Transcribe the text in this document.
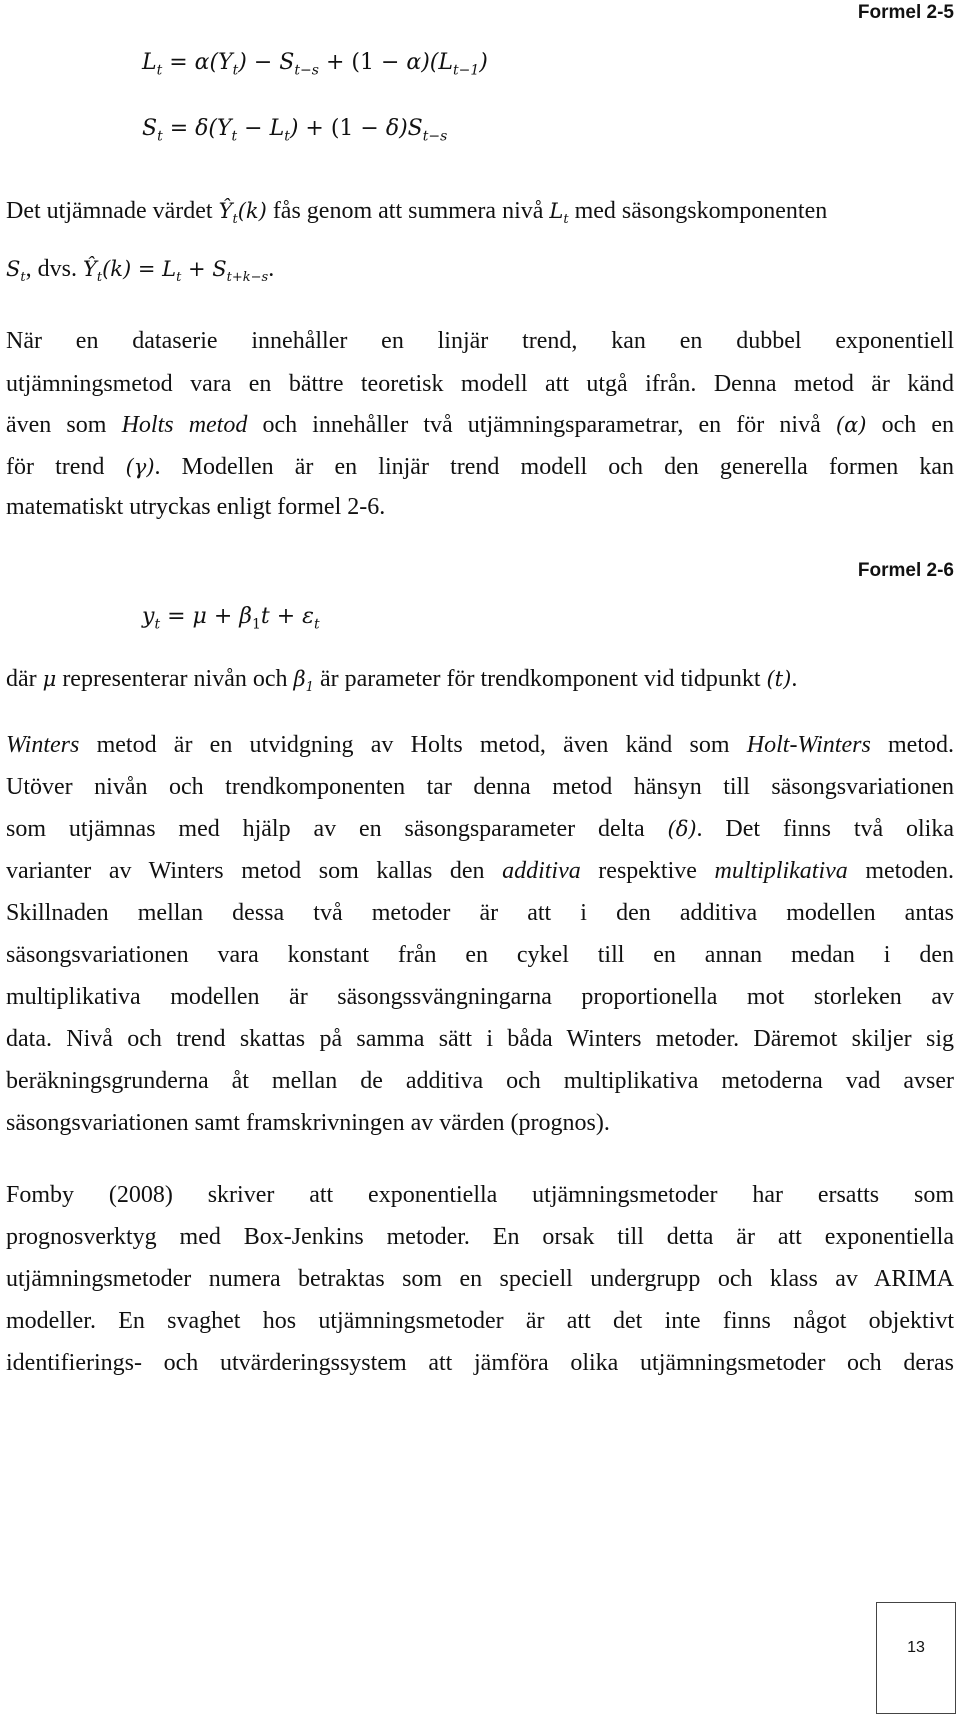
Formel 2-5
$L_t = \alpha(Y_t) - S_{t-s} + (1 - \alpha)(L_{t-1})$
$S_t = \delta(Y_t - L_t) + (1 - \delta)S_{t-s}$
Det utjämnade värdet $Ŷ_t(k)$ fås genom att summera nivå $L_t$ med säsongskomponenten
$S_t$, dvs. $Ŷ_t(k) = L_t + S_{t+k-s}$.
När en dataserie innehåller en linjär trend, kan en dubbel exponentiell
utjämningsmetod vara en bättre teoretisk modell att utgå ifrån. Denna metod är känd
även som Holts metod och innehåller två utjämningsparametrar, en för nivå (α) och en
för trend (γ). Modellen är en linjär trend modell och den generella formen kan
matematiskt utryckas enligt formel 2-6.
Formel 2-6
$y_t = \mu + \beta_1t + \varepsilon_t$
där μ representerar nivån och $\beta_1$ är parameter för trendkomponent vid tidpunkt (t).
Winters metod är en utvidgning av Holts metod, även känd som Holt-Winters metod.
Utöver nivån och trendkomponenten tar denna metod hänsyn till säsongsvariationen
som utjämnas med hjälp av en säsongsparameter delta (δ). Det finns två olika
varianter av Winters metod som kallas den additiva respektive multiplikativa metoden.
Skillnaden mellan dessa två metoder är att i den additiva modellen antas
säsongsvariationen vara konstant från en cykel till en annan medan i den
multiplikativa modellen är säsongssvängningarna proportionella mot storleken av
data. Nivå och trend skattas på samma sätt i båda Winters metoder. Däremot skiljer sig
beräkningsgrunderna åt mellan de additiva och multiplikativa metoderna vad avser
säsongsvariationen samt framskrivningen av värden (prognos).
Fomby (2008) skriver att exponentiella utjämningsmetoder har ersatts som
prognosverktyg med Box-Jenkins metoder. En orsak till detta är att exponentiella
utjämningsmetoder numera betraktas som en speciell undergrupp och klass av ARIMA
modeller. En svaghet hos utjämningsmetoder är att det inte finns något objektivt
identifierings- och utvärderingssystem att jämföra olika utjämningsmetoder och deras
13
